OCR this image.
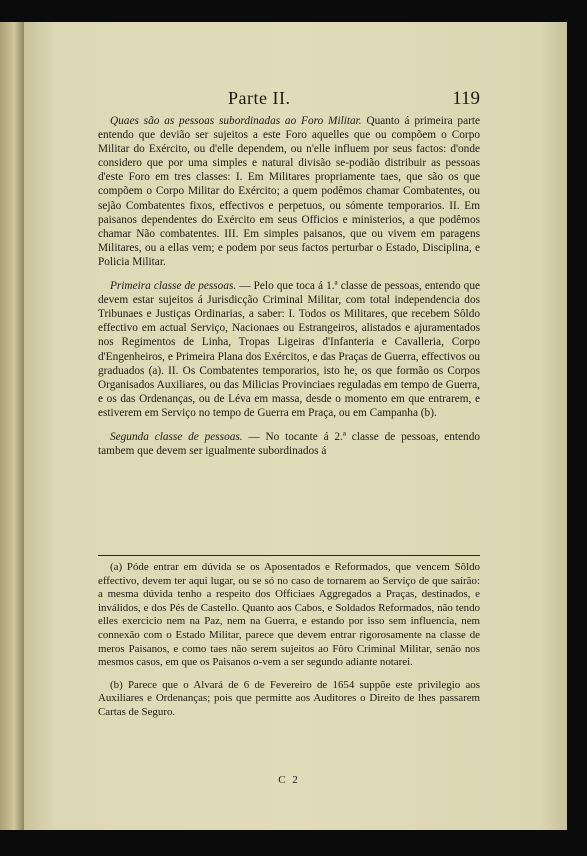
Parte II.	119

Quaes são as pessoas subordinadas ao Foro Militar. Quanto á primeira parte entendo que devião ser sujeitos a este Foro aquelles que ou compõem o Corpo Militar do Exército, ou d'elle dependem, ou n'elle influem por seus factos: d'onde considero que por uma simples e natural divisão se-podião distribuir as pessoas d'este Foro em tres classes: I. Em Militares propriamente taes, que são os que compõem o Corpo Militar do Exército; a quem podêmos chamar Combatentes, ou sejão Combatentes fixos, effectivos e perpetuos, ou sómente temporarios. II. Em paisanos dependentes do Exército em seus Officios e ministerios, a que podêmos chamar Não combatentes. III. Em simples paisanos, que ou vivem em paragens Militares, ou a ellas vem; e podem por seus factos perturbar o Estado, Disciplina, e Policia Militar.

Primeira classe de pessoas. — Pelo que toca á 1.ª classe de pessoas, entendo que devem estar sujeitos á Jurisdicção Criminal Militar, com total independencia dos Tribunaes e Justiças Ordinarias, a saber: I. Todos os Militares, que recebem Sôldo effectivo em actual Serviço, Nacionaes ou Estrangeiros, alistados e ajuramentados nos Regimentos de Linha, Tropas Ligeiras d'Infanteria e Cavalleria, Corpo d'Engenheiros, e Primeira Plana dos Exércitos, e das Praças de Guerra, effectivos ou graduados (a). II. Os Combatentes temporarios, isto he, os que formão os Corpos Organisados Auxiliares, ou das Milicias Provinciaes reguladas em tempo de Guerra, e os das Ordenanças, ou de Léva em massa, desde o momento em que entrarem, e estiverem em Serviço no tempo de Guerra em Praça, ou em Campanha (b).

Segunda classe de pessoas. — No tocante á 2.ª classe de pessoas, entendo tambem que devem ser igualmente subordinados á

(a) Póde entrar em dúvida se os Aposentados e Reformados, que vencem Sôldo effectivo, devem ter aqui lugar, ou se só no caso de tornarem ao Serviço de que saírão: a mesma dúvida tenho a respeito dos Officiaes Aggregados a Praças, destinados, e inválidos, e dos Pés de Castello. Quanto aos Cabos, e Soldados Reformados, não tendo elles exercicio nem na Paz, nem na Guerra, e estando por isso sem influencia, nem connexão com o Estado Militar, parece que devem entrar rigorosamente na classe de meros Paisanos, e como taes não serem sujeitos ao Fôro Criminal Militar, senão nos mesmos casos, em que os Paisanos o-vem a ser segundo adiante notarei.

(b) Parece que o Alvará de 6 de Fevereiro de 1654 suppõe este privilegio aos Auxiliares e Ordenanças; pois que permitte aos Auditores o Direito de lhes passarem Cartas de Seguro.

C 2
